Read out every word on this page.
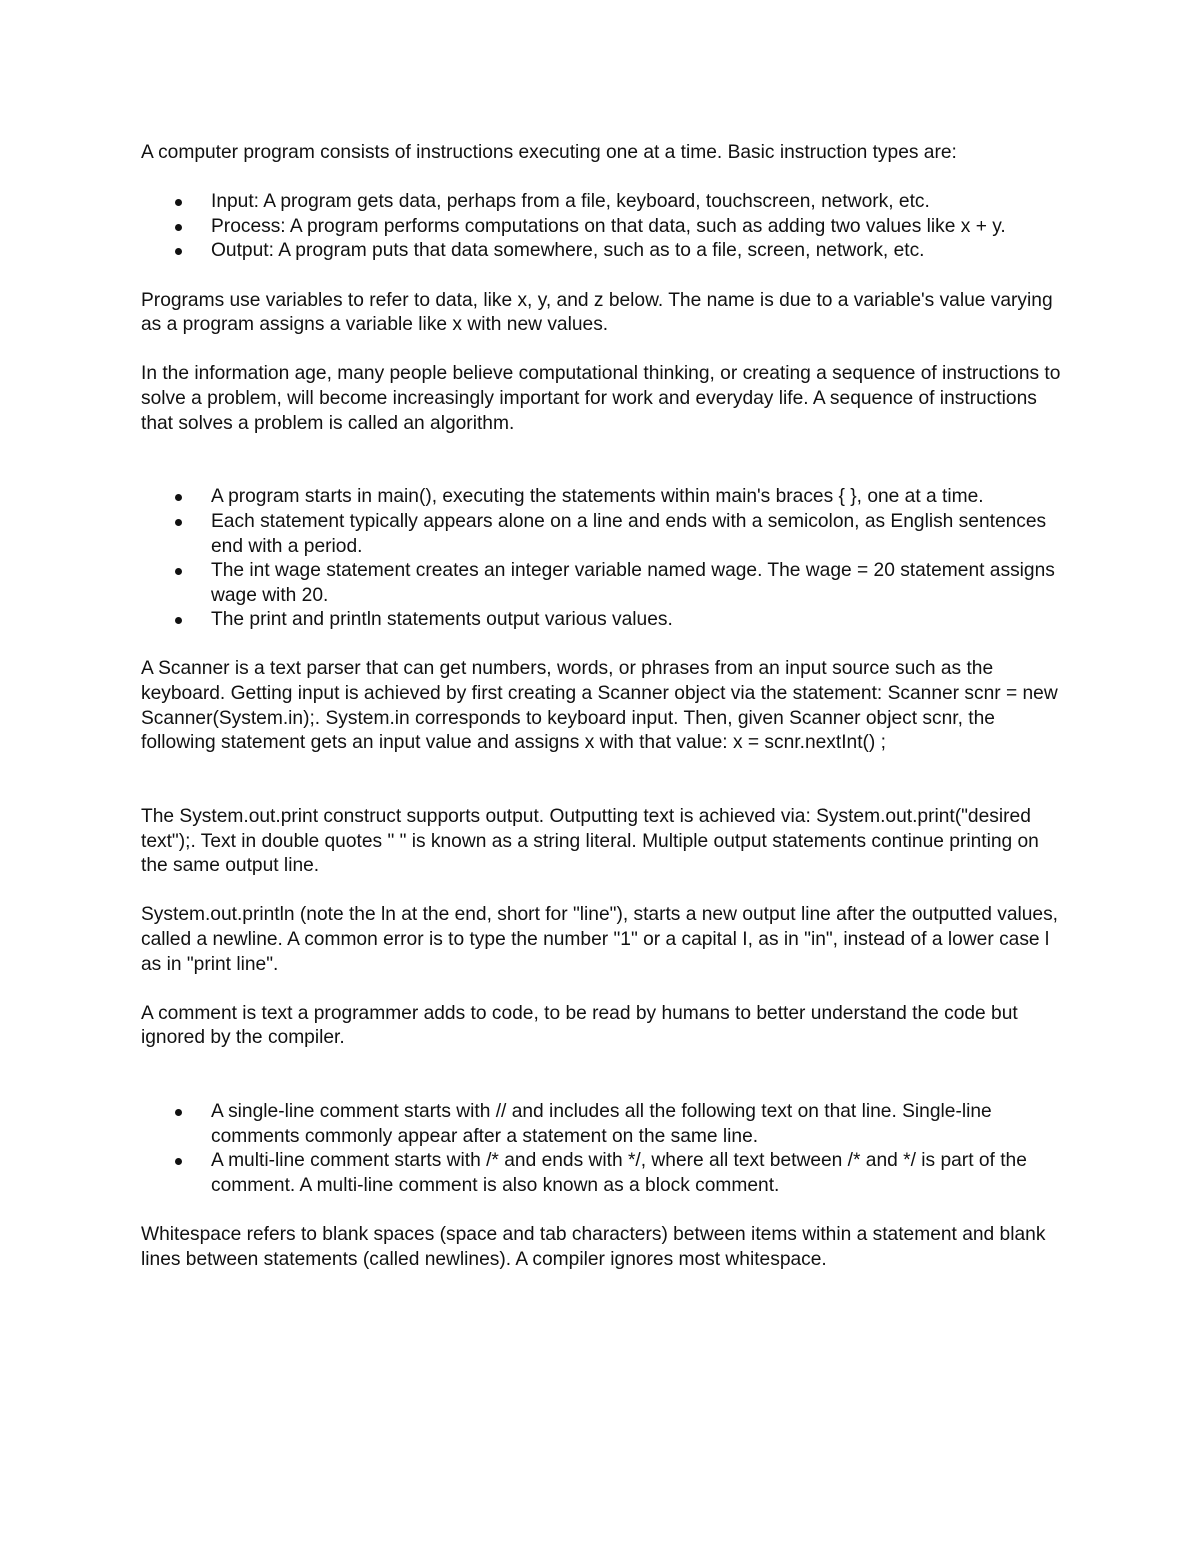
A computer program consists of instructions executing one at a time. Basic instruction types are:

Input: A program gets data, perhaps from a file, keyboard, touchscreen, network, etc.
Process: A program performs computations on that data, such as adding two values like x + y.
Output: A program puts that data somewhere, such as to a file, screen, network, etc.

Programs use variables to refer to data, like x, y, and z below. The name is due to a variable's value varying as a program assigns a variable like x with new values.

In the information age, many people believe computational thinking, or creating a sequence of instructions to solve a problem, will become increasingly important for work and everyday life. A sequence of instructions that solves a problem is called an algorithm.

A program starts in main(), executing the statements within main's braces { }, one at a time.
Each statement typically appears alone on a line and ends with a semicolon, as English sentences end with a period.
The int wage statement creates an integer variable named wage. The wage = 20 statement assigns wage with 20.
The print and println statements output various values.

A Scanner is a text parser that can get numbers, words, or phrases from an input source such as the keyboard. Getting input is achieved by first creating a Scanner object via the statement: Scanner scnr = new Scanner(System.in);. System.in corresponds to keyboard input. Then, given Scanner object scnr, the following statement gets an input value and assigns x with that value: x = scnr.nextInt() ;

The System.out.print construct supports output. Outputting text is achieved via: System.out.print("desired text");. Text in double quotes " " is known as a string literal. Multiple output statements continue printing on the same output line.

System.out.println (note the ln at the end, short for "line"), starts a new output line after the outputted values, called a newline. A common error is to type the number "1" or a capital I, as in "in", instead of a lower case l as in "print line".

A comment is text a programmer adds to code, to be read by humans to better understand the code but ignored by the compiler.

A single-line comment starts with // and includes all the following text on that line. Single-line comments commonly appear after a statement on the same line.
A multi-line comment starts with /* and ends with */, where all text between /* and */ is part of the comment. A multi-line comment is also known as a block comment.

Whitespace refers to blank spaces (space and tab characters) between items within a statement and blank lines between statements (called newlines). A compiler ignores most whitespace.
